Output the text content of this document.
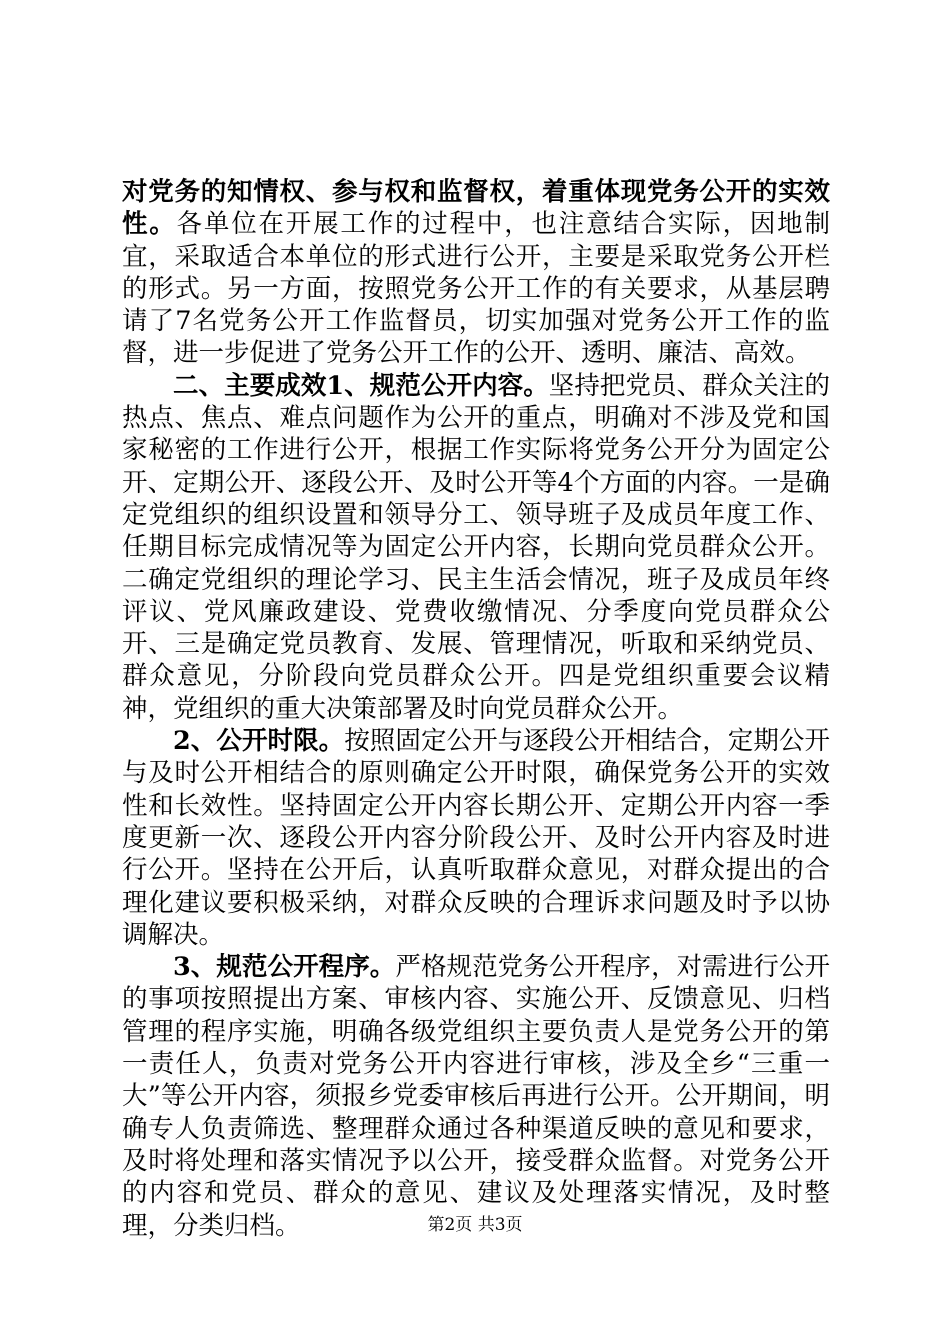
对党务的知情权、参与权和监督权，着重体现党务公开的实效性。各单位在开展工作的过程中，也注意结合实际，因地制宜，采取适合本单位的形式进行公开，主要是采取党务公开栏的形式。另一方面，按照党务公开工作的有关要求，从基层聘请了7名党务公开工作监督员，切实加强对党务公开工作的监督，进一步促进了党务公开工作的公开、透明、廉洁、高效。

二、主要成效1、规范公开内容。坚持把党员、群众关注的热点、焦点、难点问题作为公开的重点，明确对不涉及党和国家秘密的工作进行公开，根据工作实际将党务公开分为固定公开、定期公开、逐段公开、及时公开等4个方面的内容。一是确定党组织的组织设置和领导分工、领导班子及成员年度工作、任期目标完成情况等为固定公开内容，长期向党员群众公开。二确定党组织的理论学习、民主生活会情况，班子及成员年终评议、党风廉政建设、党费收缴情况、分季度向党员群众公开、三是确定党员教育、发展、管理情况，听取和采纳党员、群众意见，分阶段向党员群众公开。四是党组织重要会议精神，党组织的重大决策部署及时向党员群众公开。

2、公开时限。按照固定公开与逐段公开相结合，定期公开与及时公开相结合的原则确定公开时限，确保党务公开的实效性和长效性。坚持固定公开内容长期公开、定期公开内容一季度更新一次、逐段公开内容分阶段公开、及时公开内容及时进行公开。坚持在公开后，认真听取群众意见，对群众提出的合理化建议要积极采纳，对群众反映的合理诉求问题及时予以协调解决。

3、规范公开程序。严格规范党务公开程序，对需进行公开的事项按照提出方案、审核内容、实施公开、反馈意见、归档管理的程序实施，明确各级党组织主要负责人是党务公开的第一责任人，负责对党务公开内容进行审核，涉及全乡“三重一大”等公开内容，须报乡党委审核后再进行公开。公开期间，明确专人负责筛选、整理群众通过各种渠道反映的意见和要求，及时将处理和落实情况予以公开，接受群众监督。对党务公开的内容和党员、群众的意见、建议及处理落实情况，及时整理，分类归档。	第2页 共3页
